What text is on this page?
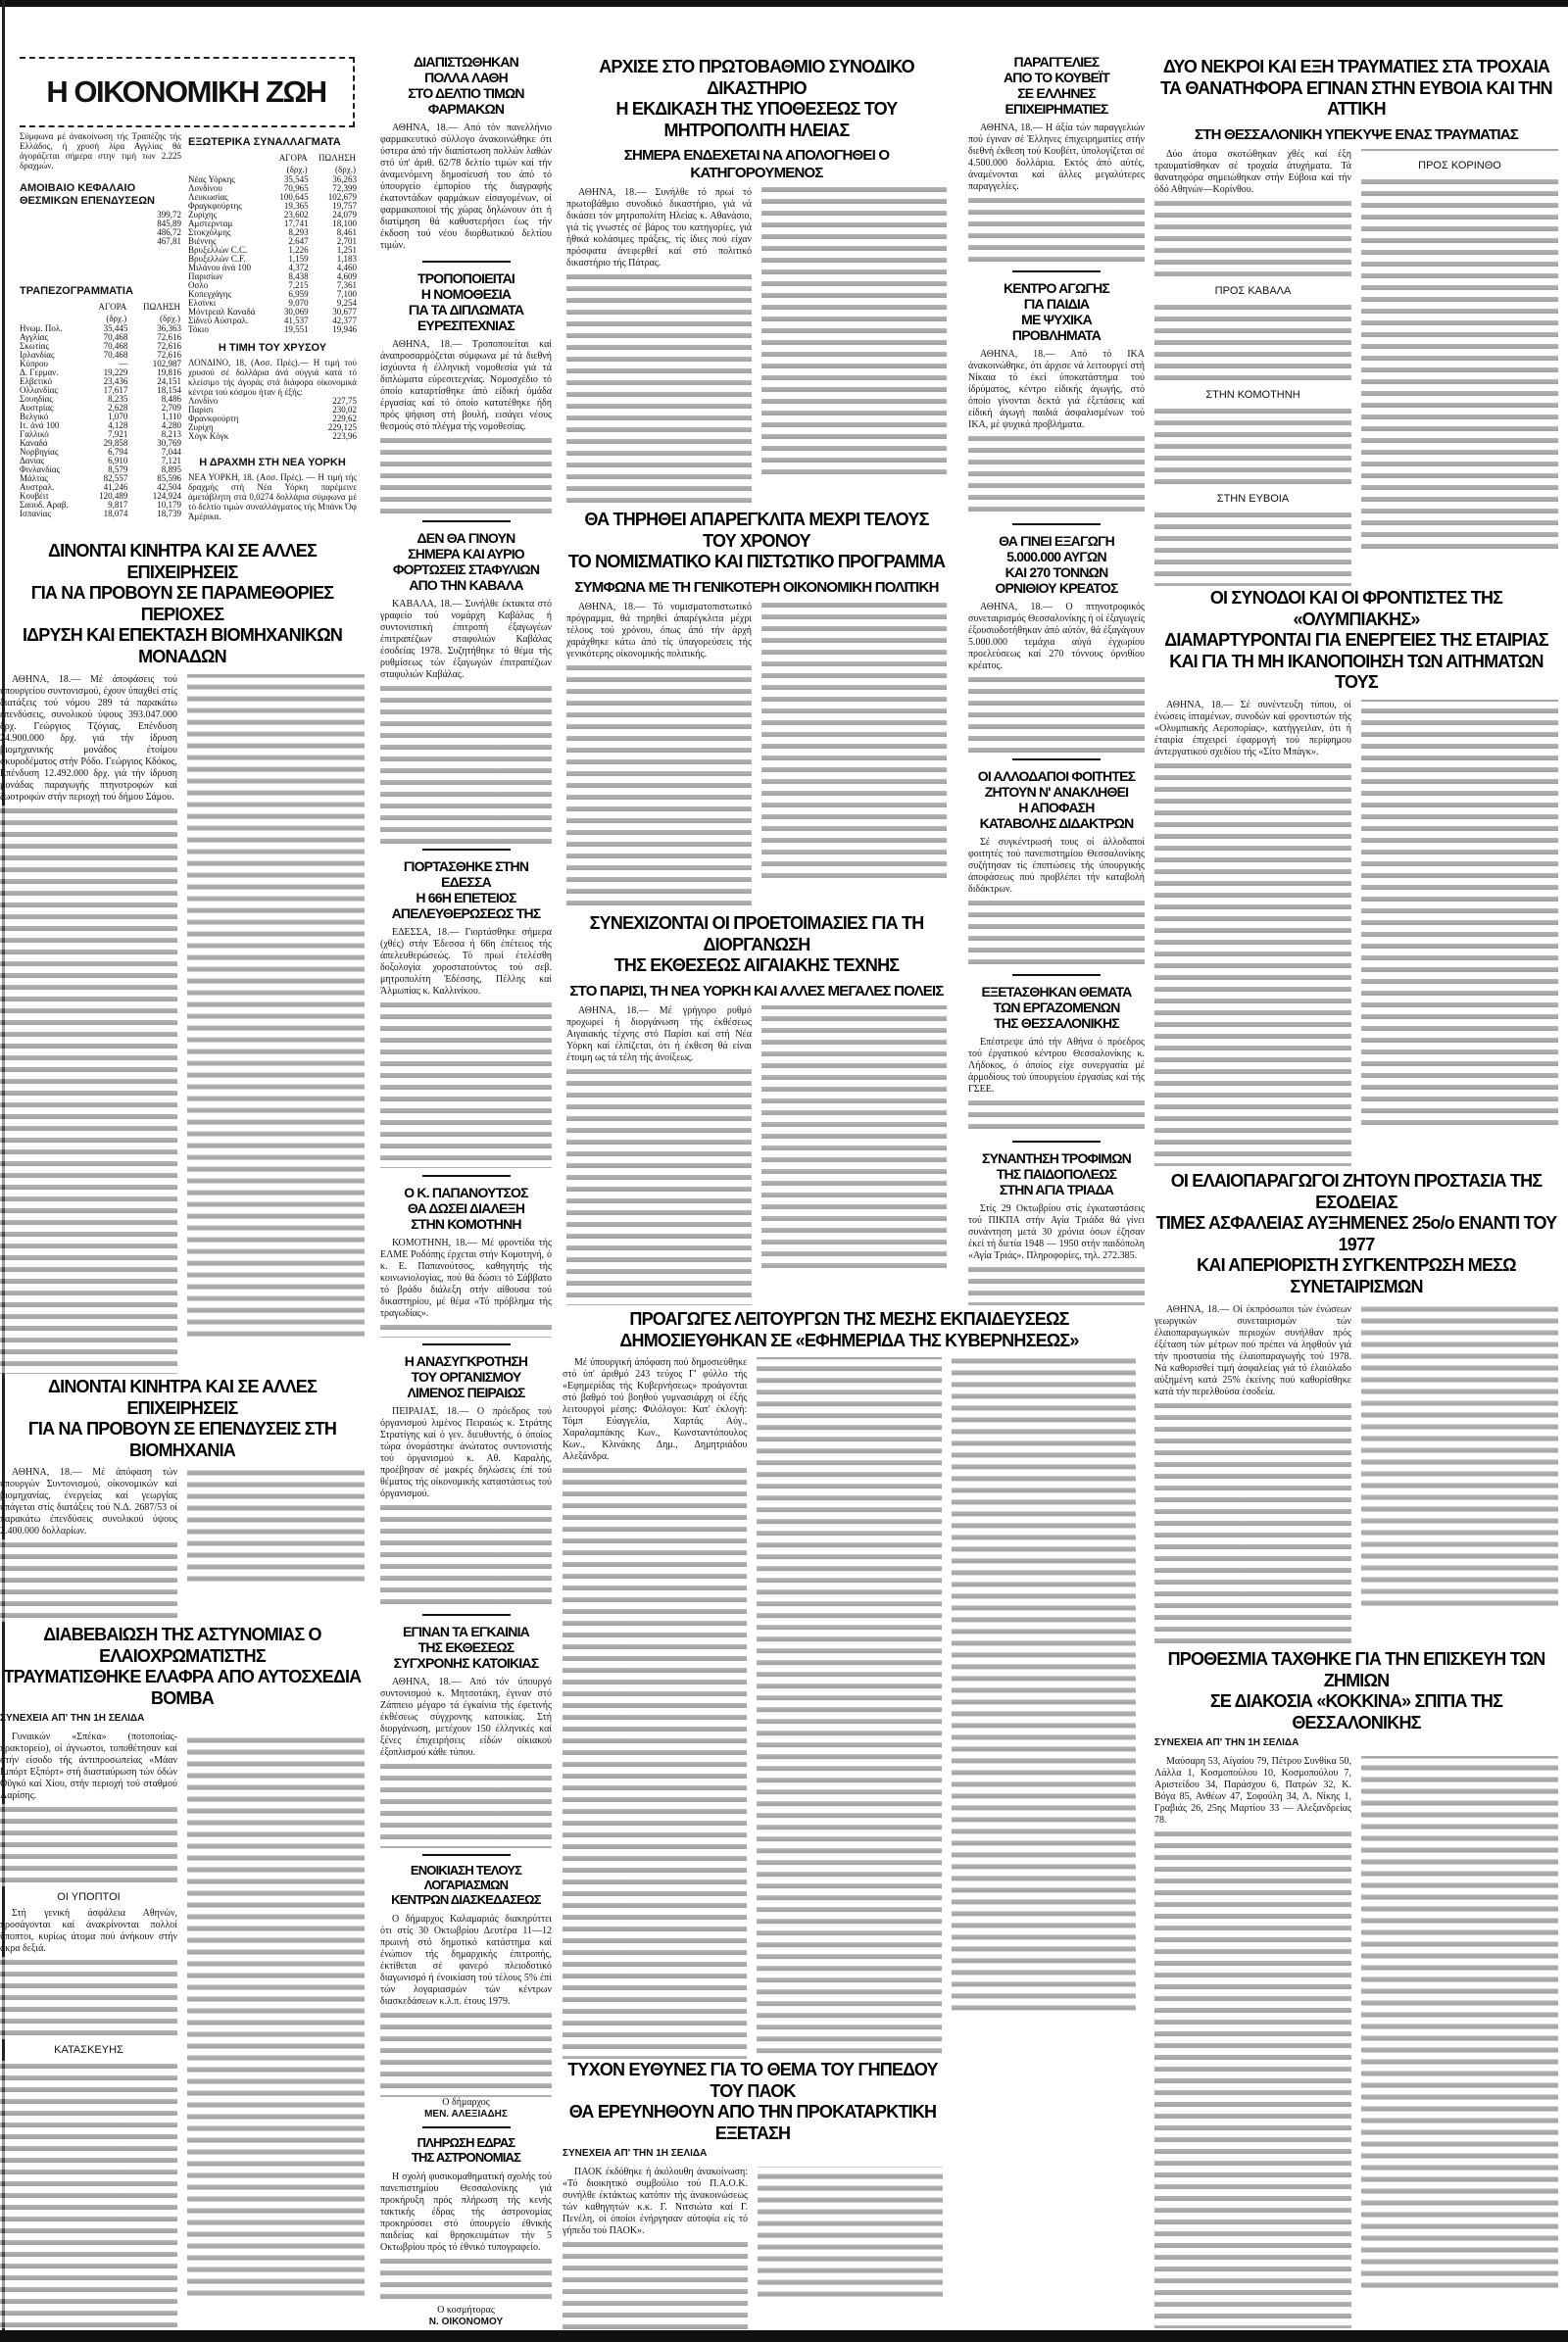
Η ΟΙΚΟΝΟΜΙΚΗ ΖΩΗ
Σύμφωνα μέ άνακοίνωση τής Τραπέζης τής Ελλάδος, ή χρυσή λίρα Αγγλίας θά άγοράζεται σήμερα στην τιμή των 2.225 δραχμών.
ΑΜΟΙΒΑΙΟ ΚΕΦΑΛΑΙΟ ΘΕΣΜΙΚΩΝ ΕΠΕΝΔΥΣΕΩΝ
	399,72
	845,89
	486,72
	467,81
ΤΡΑΠΕΖΟΓΡΑΜΜΑΤΙΑ
	ΑΓΟΡΑ	ΠΩΛΗΣΗ
	(δρχ.)	(δρχ.)
Ηνωμ. Πολ.	35,445	36,363
Αγγλίας	70,468	72,616
Σκωτίας	70,468	72,616
Ιρλανδίας	70,468	72,616
Κύπρου	—	102,987
Δ. Γερμαν.	19,229	19,816
Ελβετικό	23,436	24,151
Ολλανδίας	17,617	18,154
Σουηδίας	8,235	8,486
Αυστρίας	2,628	2,709
Βελγικό	1,070	1,110
Ιτ. άνά 100	4,128	4,280
Γαλλικό	7,921	8,213
Καναδά	29,858	30,769
Νορβηγίας	6,794	7,044
Δανίας	6,910	7,121
Φινλανδίας	8,579	8,895
Μάλτας	82,557	85,596
Αυστραλ.	41,246	42,504
Κουβέιτ	120,489	124,924
Σαουδ. Αραβ.	9,817	10,179
Ισπανίας	18,074	18,739
ΕΞΩΤΕΡΙΚΑ ΣΥΝΑΛΛΑΓΜΑΤΑ
	ΑΓΟΡΑ	ΠΩΛΗΣΗ
	(δρχ.)	(δρχ.)
Νέας Υόρκης	35,545	36,263
Λονδίνου	70,965	72,399
Λευκωσίας	100,645	102,679
Φραγκφούρτης	19,365	19,757
Ζυρίχης	23,602	24,079
Αμστερνταμ	17,741	18,100
Στοκχόλμης	8,293	8,461
Βιέννης	2,647	2,701
Βρυξελλών C.C.	1,226	1,251
Βρυξελλών C.F.	1,159	1,183
Μιλάνου άνά 100	4,372	4,460
Παρισίων	8,438	4,609
Οσλο	7,215	7,361
Κοπεγχάγης	6,959	7,100
Ελσίνκι	9,070	9,254
Μόντρεαλ Καναδά	30,069	30,677
Σίδνεϋ Αύστραλ.	41,537	42,377
Τόκιο	19,551	19,946
Η ΤΙΜΗ ΤΟΥ ΧΡΥΣΟΥ
ΛΟΝΔΙΝΟ, 18, (Ασσ. Πρές).— Η τιμή τού χρυσού σέ δολλάρια άνά ούγγιά κατά τό κλείσιμο τής άγοράς στά διάφορα οίκονομικά κέντρα τού κόσμου ήταν ή έξής:
Λονδίνο	227,75
Παρίσι	230,02
Φρανκφούρτη	229,62
Ζυρίχη	229,125
Χόγκ Κόγκ	223,96
Η ΔΡΑΧΜΗ ΣΤΗ ΝΕΑ ΥΟΡΚΗ
ΝΕΑ ΥΟΡΚΗ, 18. (Ασσ. Πρές). — Η τιμή τής δραχμής στή Νέα Υόρκη παρέμεινε άμετάβλητη στά 0,0274 δολλάρια σύμφωνα μέ τό δελτίο τιμών συναλλάγματος τής Μπάνκ Όφ Άμέρικα.
ΔΙΝΟΝΤΑΙ ΚΙΝΗΤΡΑ ΚΑΙ ΣΕ ΑΛΛΕΣ ΕΠΙΧΕΙΡΗΣΕΙΣ
ΓΙΑ ΝΑ ΠΡΟΒΟΥΝ ΣΕ ΠΑΡΑΜΕΘΟΡΙΕΣ ΠΕΡΙΟΧΕΣ
ΙΔΡΥΣΗ ΚΑΙ ΕΠΕΚΤΑΣΗ ΒΙΟΜΗΧΑΝΙΚΩΝ ΜΟΝΑΔΩΝ

ΑΘΗΝΑ, 18.— Μέ άποφάσεις τού ύπουργείου συντονισμού, έχουν ύπαχθεί στίς διατάξεις τού νόμου 289 τά παρακάτω έπενδύσεις, συνολικού ύψους 393.047.000 δρχ. Γεώργιος Τζόγιας, Επένδυση 24.900.000 δρχ. γιά τήν ίδρυση βιομηχανικής μονάδος έτοίμου σκυροδέματος στήν Ρόδο. Γεώργιος Κδόκος, Επένδυση 12.492.000 δρχ. γιά τήν ίδρυση μονάδας παραγωγής πτηνοτροφών καί ζωοτροφών στήν περιοχή τού δήμου Σάμου.

ΔΙΝΟΝΤΑΙ ΚΙΝΗΤΡΑ ΚΑΙ ΣΕ ΑΛΛΕΣ ΕΠΙΧΕΙΡΗΣΕΙΣ
ΓΙΑ ΝΑ ΠΡΟΒΟΥΝ ΣΕ ΕΠΕΝΔΥΣΕΙΣ ΣΤΗ ΒΙΟΜΗΧΑΝΙΑ

ΑΘΗΝΑ, 18.— Μέ άπόφαση τών ύπουργών Συντονισμού, οίκονομικών καί βιομηχανίας, ένεργείας καί γεωργίας ύπάγεται στίς διατάξεις τού Ν.Δ. 2687/53 οί παρακάτω έπενδύσεις συνολικού ύψους 2.400.000 δολλαρίων.

ΔΙΑΒΕΒΑΙΩΣΗ ΤΗΣ ΑΣΤΥΝΟΜΙΑΣ Ο ΕΛΑΙΟΧΡΩΜΑΤΙΣΤΗΣ
ΤΡΑΥΜΑΤΙΣΘΗΚΕ ΕΛΑΦΡΑ ΑΠΟ ΑΥΤΟΣΧΕΔΙΑ ΒΟΜΒΑ
ΣΥΝΕΧΕΙΑ ΑΠ' ΤΗΝ 1Η ΣΕΛΙΔΑ

Γυναικών «Σπέκα» (ποτοποιίας-πρακτορείο), οί άγνωστοι, τοποθέτησαν καί στήν είσοδο τής άντιπροσωπείας «Μάαν Ιμπόρτ Εξπόρτ» στή διασταύρωση τών όδών Οϋγκό καί Χίου, στήν περιοχή τού σταθμού Λαρίσης.

ΟΙ ΥΠΟΠΤΟΙ

Στή γενική άσφάλεια Αθηνών, προσάγονται καί άνακρίνονται πολλοί ϋποπτοι, κυρίως άτομα πού άνήκουν στήν άκρα δεξιά.

ΚΑΤΑΣΚΕΥΗΣ
ΔΙΑΠΙΣΤΩΘΗΚΑΝ
ΠΟΛΛΑ ΛΑΘΗ
ΣΤΟ ΔΕΛΤΙΟ ΤΙΜΩΝ
ΦΑΡΜΑΚΩΝ

ΑΘΗΝΑ, 18.— Από τόν πανελλήνιο φαρμακευτικό σύλλογο άνακοινώθηκε ότι ύστερα άπό τήν διαπίστωση πολλών λαθών στό ύπ' άριθ. 62/78 δελτίο τιμών καί τήν άναμενόμενη δημοσίευσή του άπό τό ύπουργείο έμπορίου τής διαγραφής έκατοντάδων φαρμάκων είσαγομένων, οί φαρμακοποιοί τής χώρας δηλώνουν ότι ή διατίμηση θά καθυστερήσει έως τήν έκδοση τού νέου διορθωτικού δελτίου τιμών.

ΤΡΟΠΟΠΟΙΕΙΤΑΙ
Η ΝΟΜΟΘΕΣΙΑ
ΓΙΑ ΤΑ ΔΙΠΛΩΜΑΤΑ
ΕΥΡΕΣΙΤΕΧΝΙΑΣ

ΑΘΗΝΑ, 18.— Τροποποιείται καί άναπροσαρμόζεται σύμφωνα μέ τά διεθνή ίσχύοντα ή έλληνική νομοθεσία γιά τά διπλώματα εύρεσιτεχνίας. Νομοσχέδιο τό όποίο καταρτίσθηκε άπό είδική όμάδα έργασίας καί τό όποίο κατατέθηκε ήδη πρός ψήφιση στή βουλή, εισάγει νέους θεσμούς στό πλέγμα τής νομοθεσίας.

ΔΕΝ ΘΑ ΓΙΝΟΥΝ
ΣΗΜΕΡΑ ΚΑΙ ΑΥΡΙΟ
ΦΟΡΤΩΣΕΙΣ ΣΤΑΦΥΛΙΩΝ
ΑΠΟ ΤΗΝ ΚΑΒΑΛΑ

ΚΑΒΑΛΑ, 18.— Συνήλθε έκτακτα στό γραφείο τού νομάρχη Καβάλας ή συντονιστική έπιτροπή έξαγωγέων έπιτραπέζιων σταφυλιών Καβάλας έσοδείας 1978. Συζητήθηκε τό θέμα τής ρυθμίσεως τών έξαγωγών έπιτραπέζιων σταφυλιών Καβάλας.

ΓΙΟΡΤΑΣΘΗΚΕ ΣΤΗΝ ΕΔΕΣΣΑ
Η 66Η ΕΠΕΤΕΙΟΣ
ΑΠΕΛΕΥΘΕΡΩΣΕΩΣ ΤΗΣ

ΕΔΕΣΣΑ, 18.— Γιορτάσθηκε σήμερα (χθές) στήν Έδεσσα ή 66η έπέτειος τής άπελευθερώσεώς. Τό πρωί έτελέσθη δοξολογία χοροστατούντος τού σεβ. μητροπολίτη Έδέσσης, Πέλλης καί Άλμωπίας κ. Καλλινίκου.

Ο Κ. ΠΑΠΑΝΟΥΤΣΟΣ
ΘΑ ΔΩΣΕΙ ΔΙΑΛΕΞΗ
ΣΤΗΝ ΚΟΜΟΤΗΝΗ

ΚΟΜΟΤΗΝΗ, 18.— Μέ φροντίδα τής ΕΛΜΕ Ροδόπης έρχεται στήν Κομοτηνή, ό κ. Ε. Παπανούτσος, καθηγητής τής κοινωνιολογίας, πού θά δώσει τό Σάββατο τό βράδυ διάλεξη στήν αίθουσα τού δικαστηρίου, μέ θέμα «Τό πρόβλημα τής τραγωδίας».

Η ΑΝΑΣΥΓΚΡΟΤΗΣΗ
ΤΟΥ ΟΡΓΑΝΙΣΜΟΥ
ΛΙΜΕΝΟΣ ΠΕΙΡΑΙΩΣ

ΠΕΙΡΑΙΑΣ, 18.— Ο πρόεδρος τού όργανισμού λιμένος Πειραιώς κ. Στράτης Στρατίγης καί ό γεν. διευθυντής, ό όποίος τώρα όνομάστηκε άνώτατος συντονιστής τού όργανισμού κ. Αθ. Καραλής, προέβησαν σέ μακρές δηλώσεις έπί τού θέματος τής οίκονομικής καταστάσεως τού όργανισμού.

ΕΓΙΝΑΝ ΤΑ ΕΓΚΑΙΝΙΑ
ΤΗΣ ΕΚΘΕΣΕΩΣ
ΣΥΓΧΡΟΝΗΣ ΚΑΤΟΙΚΙΑΣ

ΑΘΗΝΑ, 18.— Από τόν ύπουργό συντονισμού κ. Μητσοτάκη, έγιναν στό Ζάππειο μέγαρο τά έγκαίνια τής έφετινής έκθέσεως σύγχρονης κατοικίας. Στή διοργάνωση, μετέχουν 150 έλληνικές καί ξένες έπιχειρήσεις είδών οίκιακού έξοπλισμού κάθε τύπου.

ΕΝΟΙΚΙΑΣΗ ΤΕΛΟΥΣ
ΛΟΓΑΡΙΑΣΜΩΝ
ΚΕΝΤΡΩΝ ΔΙΑΣΚΕΔΑΣΕΩΣ

Ο δήμαρχος Καλαμαριάς διακηρύττει ότι στίς 30 Οκτωβρίου Δευτέρα 11—12 πρωινή στό δημοτικό κατάστημα καί ένώπιον τής δημαρχικής έπιτροπής, έκτίθεται σέ φανερό πλειοδοτικό διαγωνισμό ή ένοικίαση τού τέλους 5% έπί τών λογαριασμών τών κέντρων διασκεδάσεων κ.λ.π. έτους 1979.

Ο δήμαρχος
ΜΕΝ. ΑΛΕΞΙΑΔΗΣ
ΠΛΗΡΩΣΗ ΕΔΡΑΣ
ΤΗΣ ΑΣΤΡΟΝΟΜΙΑΣ

Η σχολή φυσικομαθηματική σχολής τού πανεπιστημίου Θεσσαλονίκης γιά προκήρυξη πρός πλήρωση τής κενής τακτικής έδρας τής άστρονομίας προκηρύσσει στό ύπουργείο έθνικής παιδείας καί θρησκευμάτων τήν 5 Οκτωβρίου πρός τό έθνικό τυπογραφείο.

Ο κοσμήτορας
Ν. ΟΙΚΟΝΟΜΟΥ
ΑΡΧΙΣΕ ΣΤΟ ΠΡΩΤΟΒΑΘΜΙΟ ΣΥΝΟΔΙΚΟ ΔΙΚΑΣΤΗΡΙΟ
Η ΕΚΔΙΚΑΣΗ ΤΗΣ ΥΠΟΘΕΣΕΩΣ ΤΟΥ ΜΗΤΡΟΠΟΛΙΤΗ ΗΛΕΙΑΣ
ΣΗΜΕΡΑ ΕΝΔΕΧΕΤΑΙ ΝΑ ΑΠΟΛΟΓΗΘΕΙ Ο ΚΑΤΗΓΟΡΟΥΜΕΝΟΣ

ΑΘΗΝΑ, 18.— Συνήλθε τό πρωί τό πρωτοβάθμιο συνοδικό δικαστήριο, γιά νά δικάσει τόν μητροπολίτη Ηλείας κ. Αθανάσιο, γιά τίς γνωστές σέ βάρος του κατηγορίες, γιά ήθικά κολάσιμες πράξεις, τίς ίδιες πού είχαν πρόσφατα άνεφερθεί καί στό πολιτικό δικαστήριο τής Πάτρας.

ΘΑ ΤΗΡΗΘΕΙ ΑΠΑΡΕΓΚΛΙΤΑ ΜΕΧΡΙ ΤΕΛΟΥΣ ΤΟΥ ΧΡΟΝΟΥ
ΤΟ ΝΟΜΙΣΜΑΤΙΚΟ ΚΑΙ ΠΙΣΤΩΤΙΚΟ ΠΡΟΓΡΑΜΜΑ
ΣΥΜΦΩΝΑ ΜΕ ΤΗ ΓΕΝΙΚΟΤΕΡΗ ΟΙΚΟΝΟΜΙΚΗ ΠΟΛΙΤΙΚΗ

ΑΘΗΝΑ, 18.— Τό νομισματοπιστωτικό πρόγραμμα, θά τηρηθεί άπαρέγκλιτα μέχρι τέλους τού χρόνου, όπως άπό τήν άρχή χαράχθηκε κάτω άπό τίς ύπαγορεύσεις τής γενικότερης οίκονομικής πολιτικής.

ΣΥΝΕΧΙΖΟΝΤΑΙ ΟΙ ΠΡΟΕΤΟΙΜΑΣΙΕΣ ΓΙΑ ΤΗ ΔΙΟΡΓΑΝΩΣΗ
ΤΗΣ ΕΚΘΕΣΕΩΣ ΑΙΓΑΙΑΚΗΣ ΤΕΧΝΗΣ
ΣΤΟ ΠΑΡΙΣΙ, ΤΗ ΝΕΑ ΥΟΡΚΗ ΚΑΙ ΑΛΛΕΣ ΜΕΓΑΛΕΣ ΠΟΛΕΙΣ

ΑΘΗΝΑ, 18.— Μέ γρήγορο ρυθμό προχωρεί ή διοργάνωση τής έκθέσεως Αιγαιακής τέχνης στό Παρίσι καί στή Νέα Υόρκη καί έλπίζεται, ότι ή έκθεση θά είναι έτοιμη ως τά τέλη τής άνοίξεως.

ΠΡΟΑΓΩΓΕΣ ΛΕΙΤΟΥΡΓΩΝ ΤΗΣ ΜΕΣΗΣ ΕΚΠΑΙΔΕΥΣΕΩΣ
ΔΗΜΟΣΙΕΥΘΗΚΑΝ ΣΕ «ΕΦΗΜΕΡΙΔΑ ΤΗΣ ΚΥΒΕΡΝΗΣΕΩΣ»

Μέ ύπουργική άπόφαση πού δημοσιεύθηκε στό ύπ' άριθμό 243 τεύχος Γ' φύλλο τής «Εφημερίδας τής Κυβερνήσεως» προάγονται στό βαθμό τού βοηθού γυμνασιάρχη οί έξής λειτουργοί μέσης: Φιλόλογοι: Κατ' έκλογή: Τόμπ Εύαγγελία, Χαρτάς Αύγ., Χαραλαμπάκης Κων., Κωνσταντόπουλος Κων., Κλινάκης Δημ., Δημητριάδου Αλεξάνδρα.

ΤΥΧΟΝ ΕΥΘΥΝΕΣ ΓΙΑ ΤΟ ΘΕΜΑ ΤΟΥ ΓΗΠΕΔΟΥ ΤΟΥ ΠΑΟΚ
ΘΑ ΕΡΕΥΝΗΘΟΥΝ ΑΠΟ ΤΗΝ ΠΡΟΚΑΤΑΡΚΤΙΚΗ ΕΞΕΤΑΣΗ
ΣΥΝΕΧΕΙΑ ΑΠ' ΤΗΝ 1Η ΣΕΛΙΔΑ

ΠΑΟΚ έκδόθηκε ή άκόλουθη άνακοίνωση: «Τό διοικητικό συμβούλιο τού Π.Α.Ο.Κ. συνήλθε έκτάκτως κατόπιν τής άνακοινώσεως τών καθηγητών κ.κ. Γ. Νιτσιώτα καί Γ. Πενέλη, οί όποίοι ένήργησαν αύτοψία είς τό γήπεδο τού ΠΑΟΚ».

ΠΑΡΑΓΓΕΛΙΕΣ
ΑΠΟ ΤΟ ΚΟΥΒΕΪΤ
ΣΕ ΕΛΛΗΝΕΣ
ΕΠΙΧΕΙΡΗΜΑΤΙΕΣ

ΑΘΗΝΑ, 18.— Η άξία τών παραγγελιών πού έγιναν σέ Έλληνες έπιχειρηματίες στήν διεθνή έκθεση τού Κουβέιτ, ύπολογίζεται σέ 4.500.000 δολλάρια. Εκτός άπό αύτές, άναμένονται καί άλλες μεγαλύτερες παραγγελίες.

ΚΕΝΤΡΟ ΑΓΩΓΗΣ
ΓΙΑ ΠΑΙΔΙΑ
ΜΕ ΨΥΧΙΚΑ
ΠΡΟΒΛΗΜΑΤΑ

ΑΘΗΝΑ, 18.— Από τό ΙΚΑ άνακοινώθηκε, ότι άρχισε νά λειτουργεί στή Νίκαια τό έκεί ύποκατάστημα τού ίδρύματος, κέντρο είδικής άγωγής, στό όποίο γίνονται δεκτά γιά έξετάσεις καί είδική άγωγή παιδιά άσφαλισμένων τού ΙΚΑ, μέ ψυχικά προβλήματα.

ΘΑ ΓΙΝΕΙ ΕΞΑΓΩΓΗ
5.000.000 ΑΥΓΩΝ
ΚΑΙ 270 ΤΟΝΝΩΝ
ΟΡΝΙΘΙΟΥ ΚΡΕΑΤΟΣ

ΑΘΗΝΑ, 18.— Ο πτηνοτροφικός συνεταιρισμός Θεσσαλονίκης ή οί έξαγωγείς έξουσιοδοτήθηκαν άπό αύτόν, θά έξαγάγουν 5.000.000 τεμάχια αύγά έγχωρίου προελεύσεως καί 270 τόννους όρνιθίου κρέατος.

ΟΙ ΑΛΛΟΔΑΠΟΙ ΦΟΙΤΗΤΕΣ
ΖΗΤΟΥΝ Ν' ΑΝΑΚΛΗΘΕΙ
Η ΑΠΟΦΑΣΗ
ΚΑΤΑΒΟΛΗΣ ΔΙΔΑΚΤΡΩΝ

Σέ συγκέντρωσή τους οί άλλοδαποί φοιτητές τού πανεπιστημίου Θεσσαλονίκης συζήτησαν τίς έπιπτώσεις τής ύπουργικής άποφάσεως πού προβλέπει τήν καταβολή διδάκτρων.

ΕΞΕΤΑΣΘΗΚΑΝ ΘΕΜΑΤΑ
ΤΩΝ ΕΡΓΑΖΟΜΕΝΩΝ
ΤΗΣ ΘΕΣΣΑΛΟΝΙΚΗΣ

Επέστρεψε άπό τήν Αθήνα ό πρόεδρος τού έργατικού κέντρου Θεσσαλονίκης κ. Λήδοκος, ό όποίος είχε συνεργασία μέ άρμοδίους τού ύπουργείου έργασίας καί τής ΓΣΕΕ.

ΣΥΝΑΝΤΗΣΗ ΤΡΟΦΙΜΩΝ
ΤΗΣ ΠΑΙΔΟΠΟΛΕΩΣ
ΣΤΗΝ ΑΓΙΑ ΤΡΙΑΔΑ

Στίς 29 Οκτωβρίου στίς έγκαταστάσεις τού ΠΙΚΠΑ στήν Αγία Τριάδα θά γίνει συνάντηση μετά 30 χρόνια όσων έζησαν έκεί τή διετία 1948 — 1950 στήν παιδόπολη «Αγία Τριάς». Πληροφορίες, τηλ. 272.385.

ΔΥΟ ΝΕΚΡΟΙ ΚΑΙ ΕΞΗ ΤΡΑΥΜΑΤΙΕΣ ΣΤΑ ΤΡΟΧΑΙΑ
ΤΑ ΘΑΝΑΤΗΦΟΡΑ ΕΓΙΝΑΝ ΣΤΗΝ ΕΥΒΟΙΑ ΚΑΙ ΤΗΝ ΑΤΤΙΚΗ
ΣΤΗ ΘΕΣΣΑΛΟΝΙΚΗ ΥΠΕΚΥΨΕ ΕΝΑΣ ΤΡΑΥΜΑΤΙΑΣ

Δύο άτομα σκοτώθηκαν χθές καί έξη τραυματίσθηκαν σέ τροχαία άτυχήματα. Τά θανατηφόρα σημειώθηκαν στήν Εύβοια καί τήν όδό Αθηνών—Κορίνθου.

ΠΡΟΣ ΚΑΒΑΛΑ
ΣΤΗΝ ΚΟΜΟΤΗΝΗ
ΣΤΗΝ ΕΥΒΟΙΑ
ΠΡΟΣ ΚΟΡΙΝΘΟ
ΟΙ ΣΥΝΟΔΟΙ ΚΑΙ ΟΙ ΦΡΟΝΤΙΣΤΕΣ ΤΗΣ «ΟΛΥΜΠΙΑΚΗΣ»
ΔΙΑΜΑΡΤΥΡΟΝΤΑΙ ΓΙΑ ΕΝΕΡΓΕΙΕΣ ΤΗΣ ΕΤΑΙΡΙΑΣ
ΚΑΙ ΓΙΑ ΤΗ ΜΗ ΙΚΑΝΟΠΟΙΗΣΗ ΤΩΝ ΑΙΤΗΜΑΤΩΝ ΤΟΥΣ

ΑΘΗΝΑ, 18.— Σέ συνέντευξη τύπου, οί ένώσεις ίπταμένων, συνοδών καί φροντιστών τής «Ολυμπιακής Αεροπορίας», κατήγγειλαν, ότι ή έταιρία έπιχειρεί έφαρμογή τού περίφημου άντεργατικού σχεδίου τής «Σίτο Μπάγκ».

ΟΙ ΕΛΑΙΟΠΑΡΑΓΩΓΟΙ ΖΗΤΟΥΝ ΠΡΟΣΤΑΣΙΑ ΤΗΣ ΕΣΟΔΕΙΑΣ
ΤΙΜΕΣ ΑΣΦΑΛΕΙΑΣ ΑΥΞΗΜΕΝΕΣ 25ο/ο ΕΝΑΝΤΙ ΤΟΥ 1977
ΚΑΙ ΑΠΕΡΙΟΡΙΣΤΗ ΣΥΓΚΕΝΤΡΩΣΗ ΜΕΣΩ ΣΥΝΕΤΑΙΡΙΣΜΩΝ

ΑΘΗΝΑ, 18.— Οί έκπρόσωποι τών ένώσεων γεωργικών συνεταιρισμών τών έλαιοπαραγωγικών περιοχών συνήλθαν πρός έξέταση τών μέτρων πού πρέπει νά ληφθούν γιά τήν προστασία τής έλαιοπαραγωγής τού 1978. Νά καθορισθεί τιμή άσφαλείας γιά τό έλαιόλαδο αύξημένη κατά 25% έκείνης πού καθορίσθηκε κατά τήν περελθούσα έσοδεία.

ΠΡΟΘΕΣΜΙΑ ΤΑΧΘΗΚΕ ΓΙΑ ΤΗΝ ΕΠΙΣΚΕΥΗ ΤΩΝ ΖΗΜΙΩΝ
ΣΕ ΔΙΑΚΟΣΙΑ «ΚΟΚΚΙΝΑ» ΣΠΙΤΙΑ ΤΗΣ ΘΕΣΣΑΛΟΝΙΚΗΣ
ΣΥΝΕΧΕΙΑ ΑΠ' ΤΗΝ 1Η ΣΕΛΙΔΑ

Μαύσαρη 53, Αίγαίου 79, Πέτρου Συνθίκα 50, Λάλλα 1, Κοσμοπούλου 10, Κοσμοπούλου 7, Αριστείδου 34, Παράσχου 6, Πατρών 32, Κ. Βόγα 85, Ανθέων 47, Σοφούλη 34, Λ. Νίκης 1, Γραβιάς 26, 25ης Μαρτίου 33 — Αλεξανδρείας 78.
